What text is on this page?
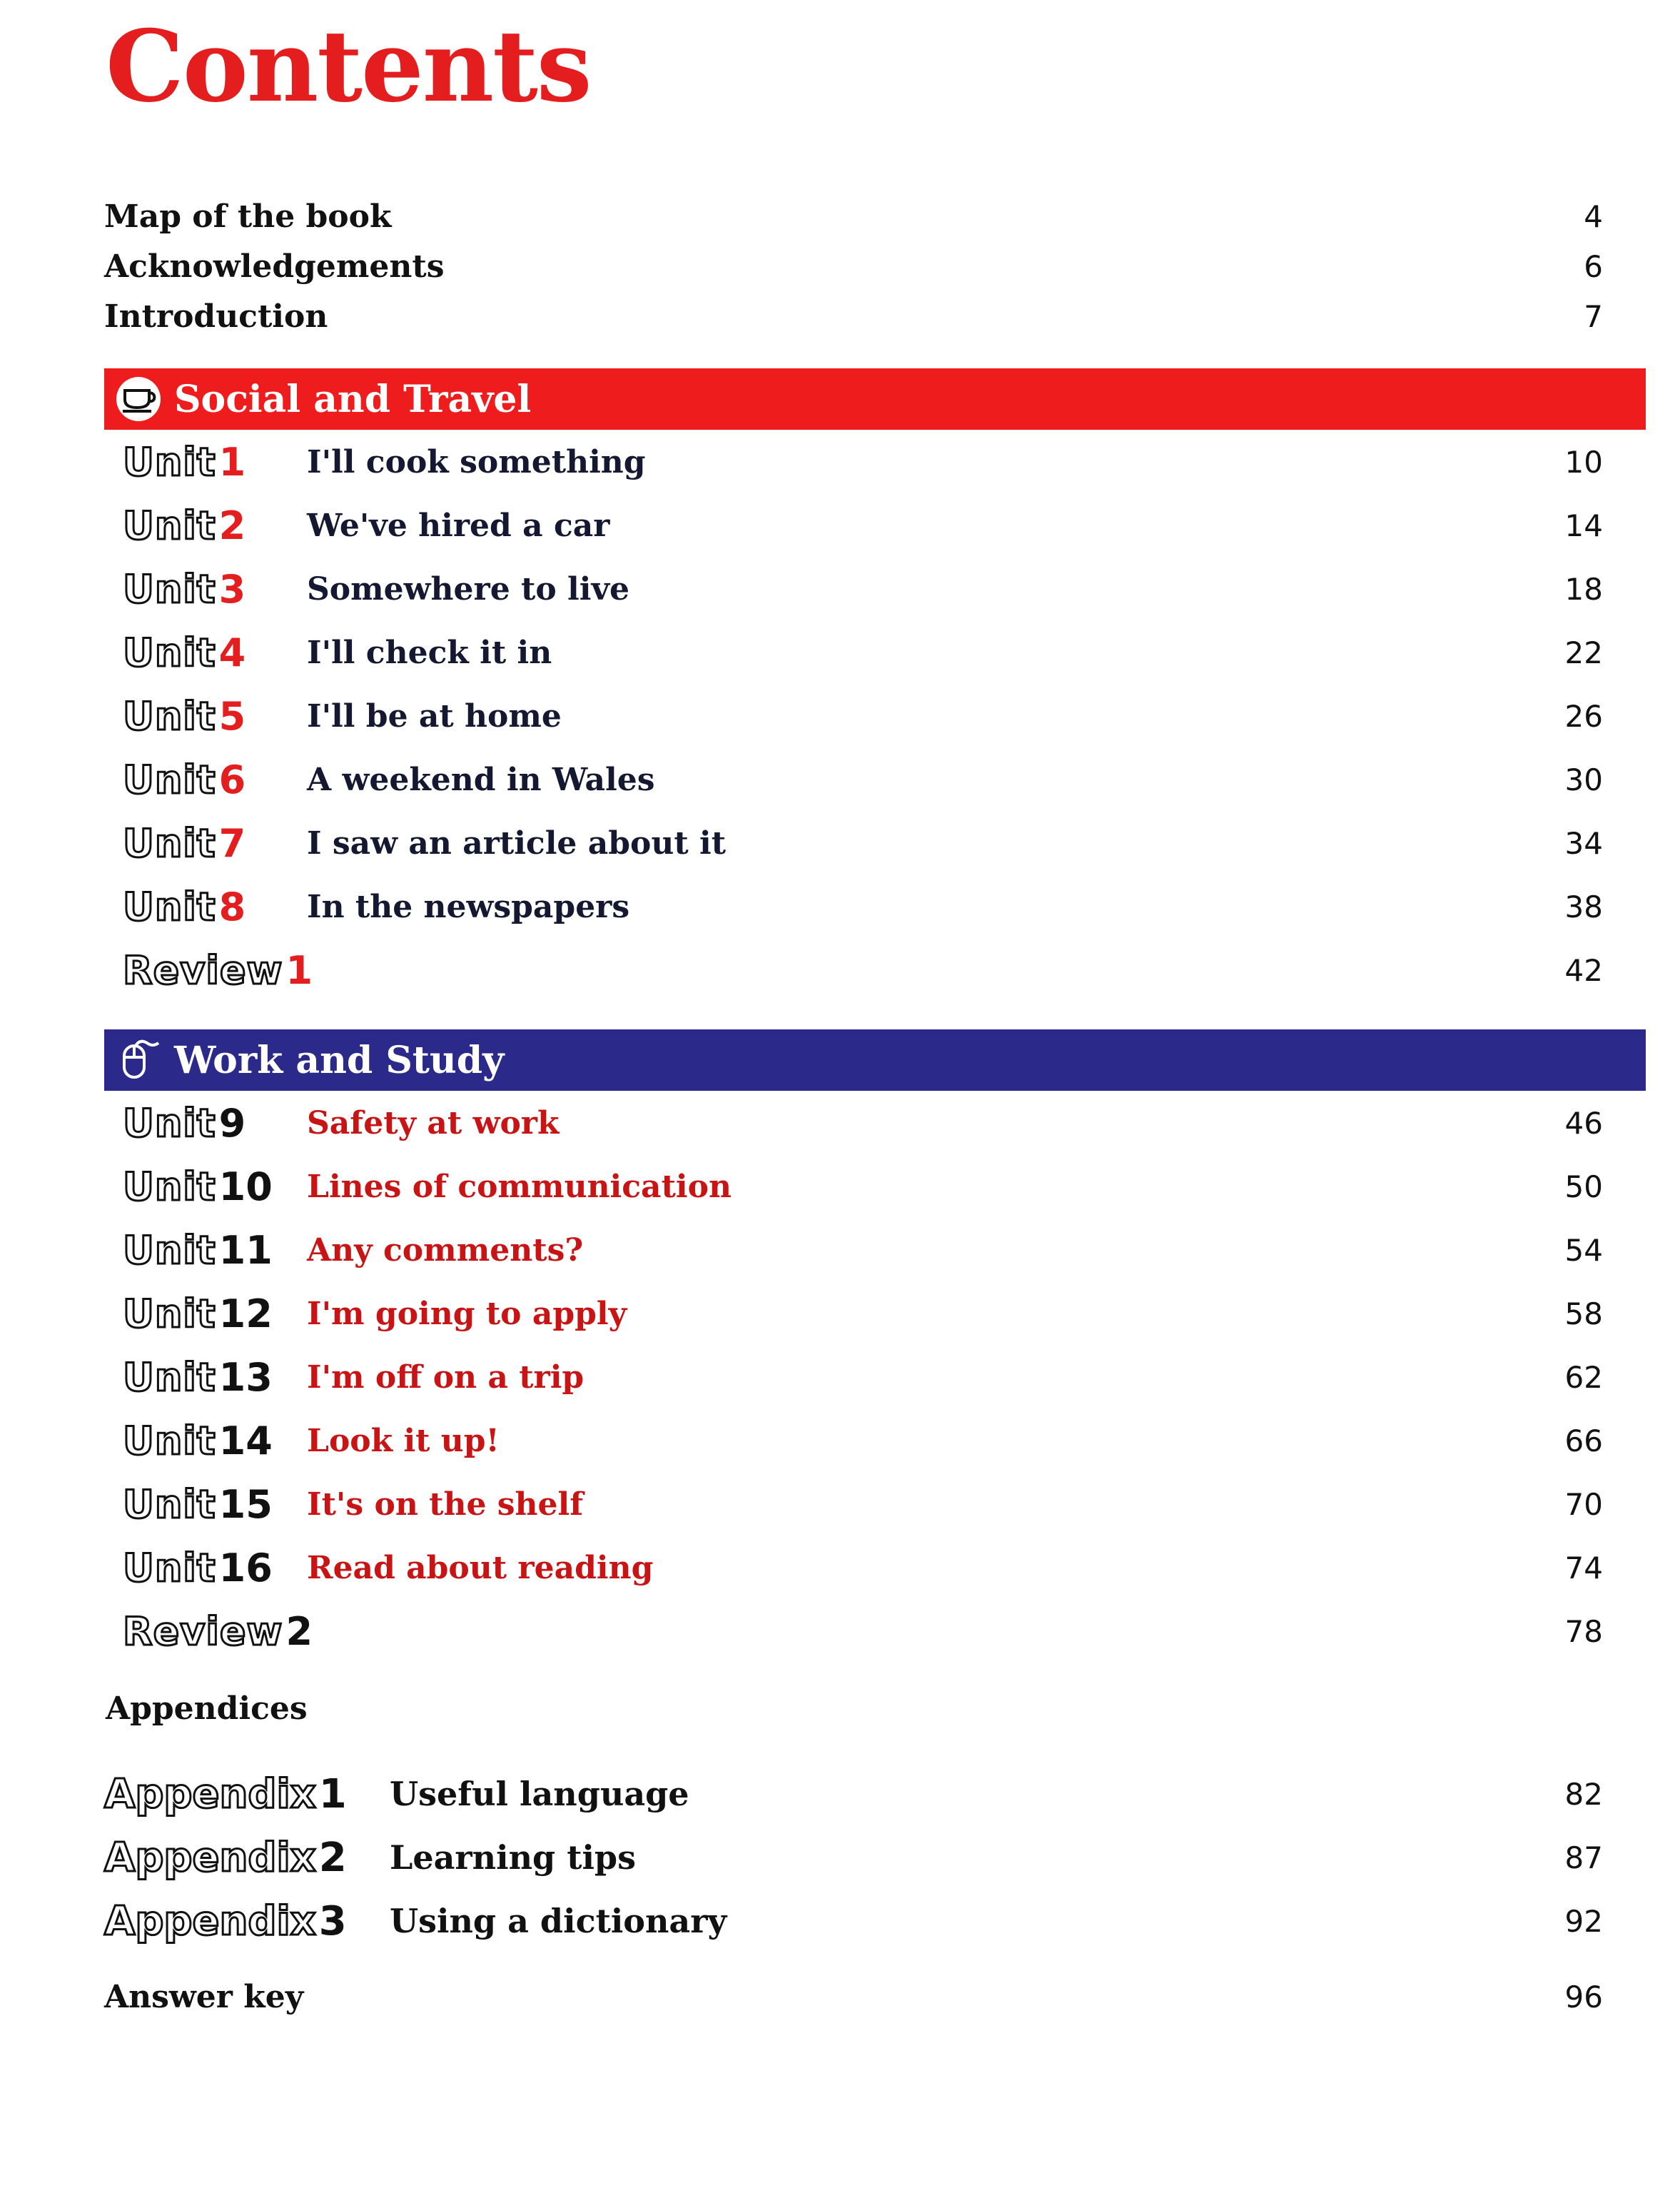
Contents
Map of the book	4
Acknowledgements	6
Introduction	7
Social and Travel
Unit 1 I'll cook something	10
Unit 2 We've hired a car	14
Unit 3 Somewhere to live	18
Unit 4 I'll check it in	22
Unit 5 I'll be at home	26
Unit 6 A weekend in Wales	30
Unit 7 I saw an article about it	34
Unit 8 In the newspapers	38
Review 1	42
Work and Study
Unit 9 Safety at work	46
Unit 10 Lines of communication	50
Unit 11 Any comments?	54
Unit 12 I'm going to apply	58
Unit 13 I'm off on a trip	62
Unit 14 Look it up!	66
Unit 15 It's on the shelf	70
Unit 16 Read about reading	74
Review 2	78
Appendices
Appendix 1 Useful language	82
Appendix 2 Learning tips	87
Appendix 3 Using a dictionary	92
Answer key	96
